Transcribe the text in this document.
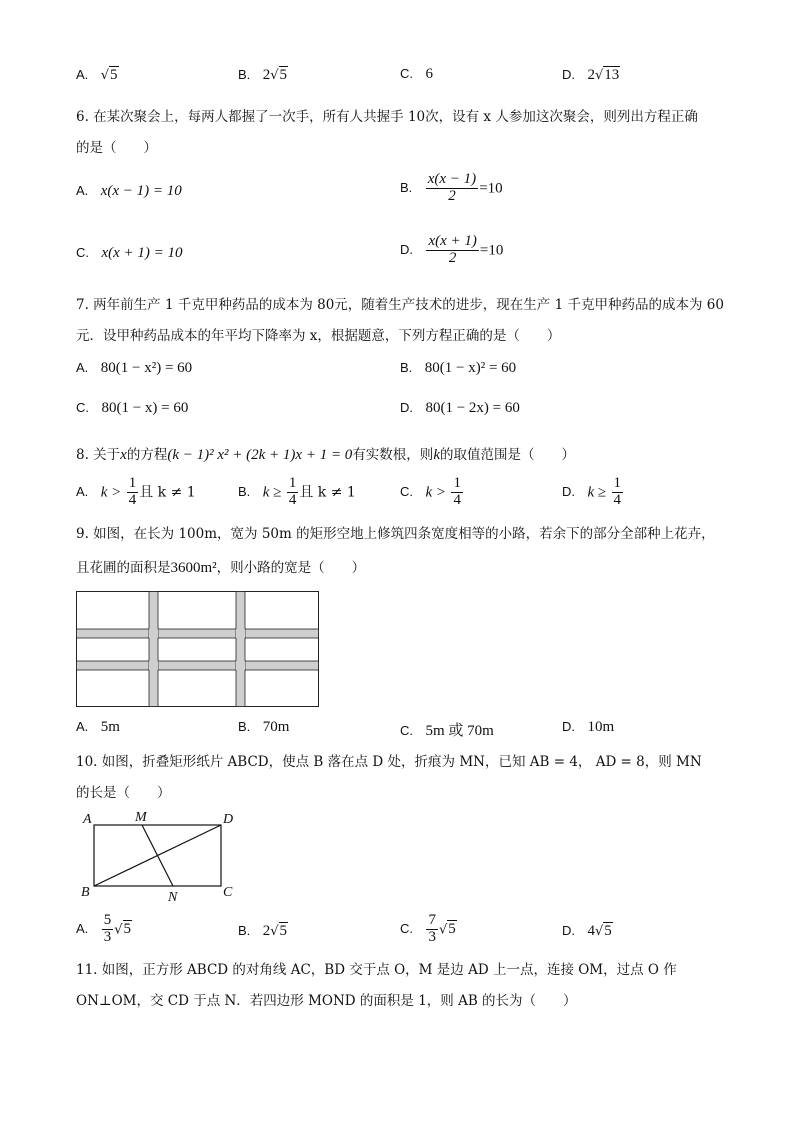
A. √5	B. 2√5	C. 6	D. 2√13
6. 在某次聚会上，每两人都握了一次手，所有人共握手 10次，设有 x 人参加这次聚会，则列出方程正确
的是（　　）
A. x(x − 1) = 10	B. $\frac{x(x - 1)}{2} =10$
C. x(x + 1) = 10	D. $\frac{x(x + 1)}{2} =10$
7. 两年前生产 1 千克甲种药品的成本为 80元，随着生产技术的进步，现在生产 1 千克甲种药品的成本为 60
元．设甲种药品成本的年平均下降率为 x，根据题意，下列方程正确的是（　　）
A. 80(1 − x²) = 60	B. 80(1 − x)² = 60
C. 80(1 − x) = 60	D. 80(1 − 2x) = 60
8. 关于x的方程(k − 1)² x² + (2k + 1)x + 1 = 0有实数根，则k的取值范围是（　　）
A. $k > \frac{1}{4}$ 且 k ≠ 1	B. $k \ge \frac{1}{4}$ 且 k ≠ 1	C. $k > \frac{1}{4}$	D. $k \ge \frac{1}{4}$
9. 如图，在长为 100m，宽为 50m 的矩形空地上修筑四条宽度相等的小路，若余下的部分全部种上花卉，
且花圃的面积是3600m²，则小路的宽是（　　）
A. 5m	B. 70m	C. 5m 或 70m	D. 10m
10. 如图，折叠矩形纸片 ABCD，使点 B 落在点 D 处，折痕为 MN，已知 AB = 4， AD = 8，则 MN
的长是（　　）
A	M	D
B	N	C
A. $\frac{5}{3} √5$	B. 2√5	C. $\frac{7}{3} √5$	D. 4√5
11. 如图，正方形 ABCD 的对角线 AC，BD 交于点 O，M 是边 AD 上一点，连接 OM，过点 O 作
ON⊥OM，交 CD 于点 N．若四边形 MOND 的面积是 1，则 AB 的长为（　　）
